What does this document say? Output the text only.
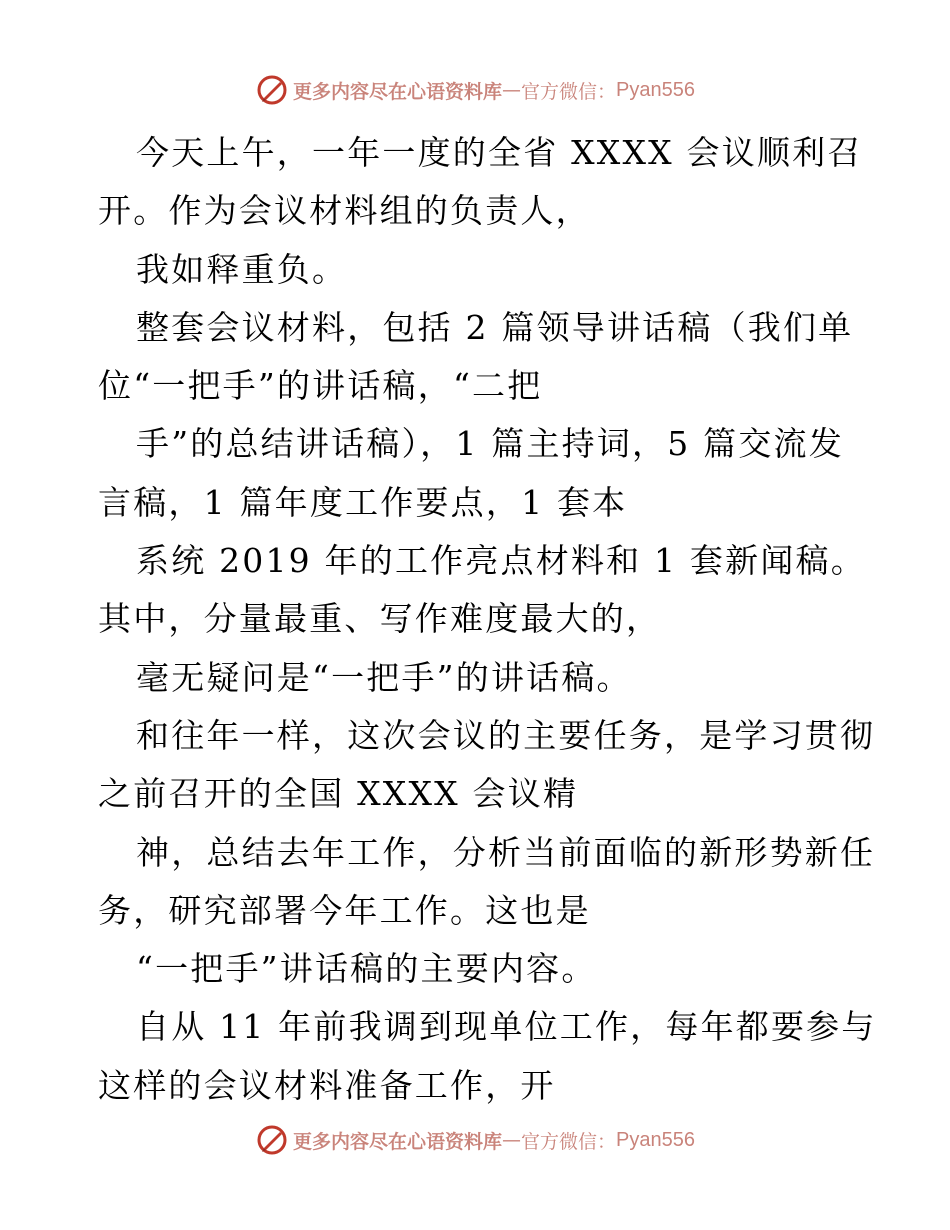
更多内容尽在心语资料库 — 官方微信： Pyan556
今天上午，一年一度的全省 XXXX 会议顺利召
开。作为会议材料组的负责人，
我如释重负。
整套会议材料，包括 2 篇领导讲话稿（我们单
位“一把手”的讲话稿，“二把
手”的总结讲话稿），1 篇主持词，5 篇交流发
言稿，1 篇年度工作要点，1 套本
系统 2019 年的工作亮点材料和 1 套新闻稿。
其中，分量最重、写作难度最大的，
毫无疑问是“一把手”的讲话稿。
和往年一样，这次会议的主要任务，是学习贯彻
之前召开的全国 XXXX 会议精
神，总结去年工作，分析当前面临的新形势新任
务，研究部署今年工作。这也是
“一把手”讲话稿的主要内容。
自从 11 年前我调到现单位工作，每年都要参与
这样的会议材料准备工作，开
更多内容尽在心语资料库 — 官方微信： Pyan556
